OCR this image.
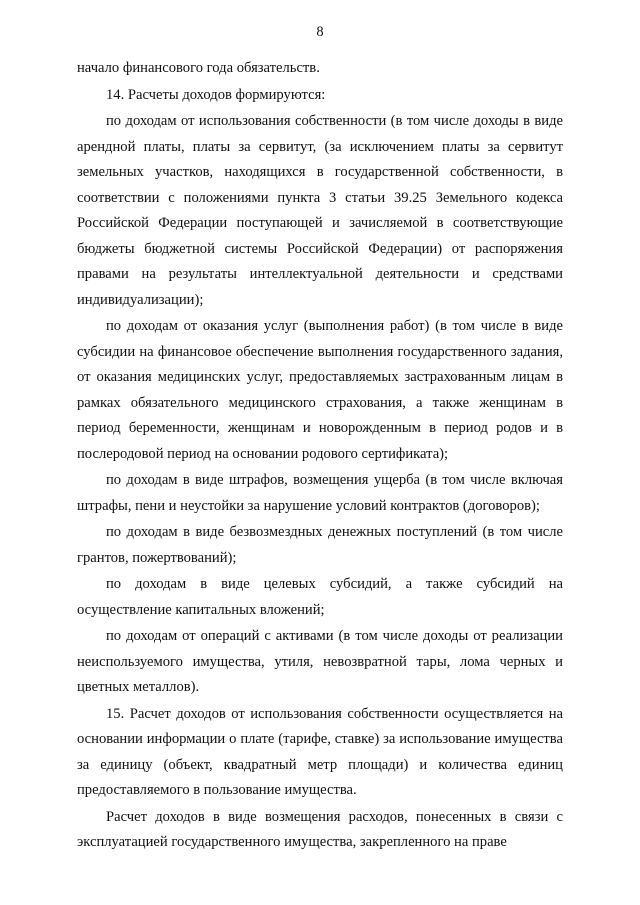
8

начало финансового года обязательств.

14. Расчеты доходов формируются:

по доходам от использования собственности (в том числе доходы в виде арендной платы, платы за сервитут, (за исключением платы за сервитут земельных участков, находящихся в государственной собственности, в соответствии с положениями пункта 3 статьи 39.25 Земельного кодекса Российской Федерации поступающей и зачисляемой в соответствующие бюджеты бюджетной системы Российской Федерации) от распоряжения правами на результаты интеллектуальной деятельности и средствами индивидуализации);

по доходам от оказания услуг (выполнения работ) (в том числе в виде субсидии на финансовое обеспечение выполнения государственного задания, от оказания медицинских услуг, предоставляемых застрахованным лицам в рамках обязательного медицинского страхования, а также женщинам в период беременности, женщинам и новорожденным в период родов и в послеродовой период на основании родового сертификата);

по доходам в виде штрафов, возмещения ущерба (в том числе включая штрафы, пени и неустойки за нарушение условий контрактов (договоров);

по доходам в виде безвозмездных денежных поступлений (в том числе грантов, пожертвований);

по доходам в виде целевых субсидий, а также субсидий на осуществление капитальных вложений;

по доходам от операций с активами (в том числе доходы от реализации неиспользуемого имущества, утиля, невозвратной тары, лома черных и цветных металлов).

15. Расчет доходов от использования собственности осуществляется на основании информации о плате (тарифе, ставке) за использование имущества за единицу (объект, квадратный метр площади) и количества единиц предоставляемого в пользование имущества.

Расчет доходов в виде возмещения расходов, понесенных в связи с эксплуатацией государственного имущества, закрепленного на праве
